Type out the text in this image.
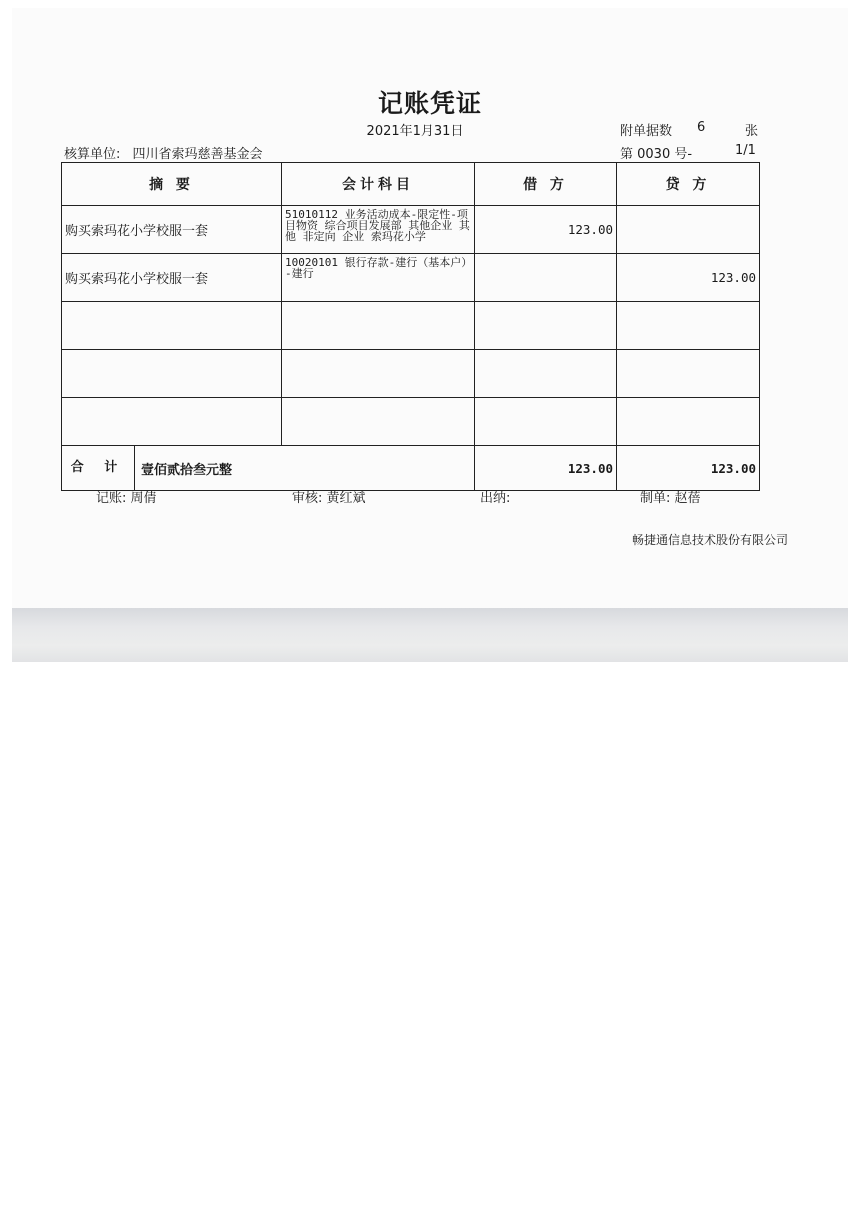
记账凭证
2021年1月31日	附单据数 6	张
核算单位: 四川省索玛慈善基金会	第 0030 号-	1/1
摘 要	会计科目	借 方	贷 方
购买索玛花小学校服一套	51010112 业务活动成本-限定性-项目物资 综合项目发展部 其他企业 其他 非定向 企业 索玛花小学	123.00	
购买索玛花小学校服一套	10020101 银行存款-建行（基本户）-建行		123.00

合 计 壹佰贰拾叁元整		123.00	123.00
记账: 周倩	审核: 黄红斌	出纳:	制单: 赵蓓
畅捷通信息技术股份有限公司
